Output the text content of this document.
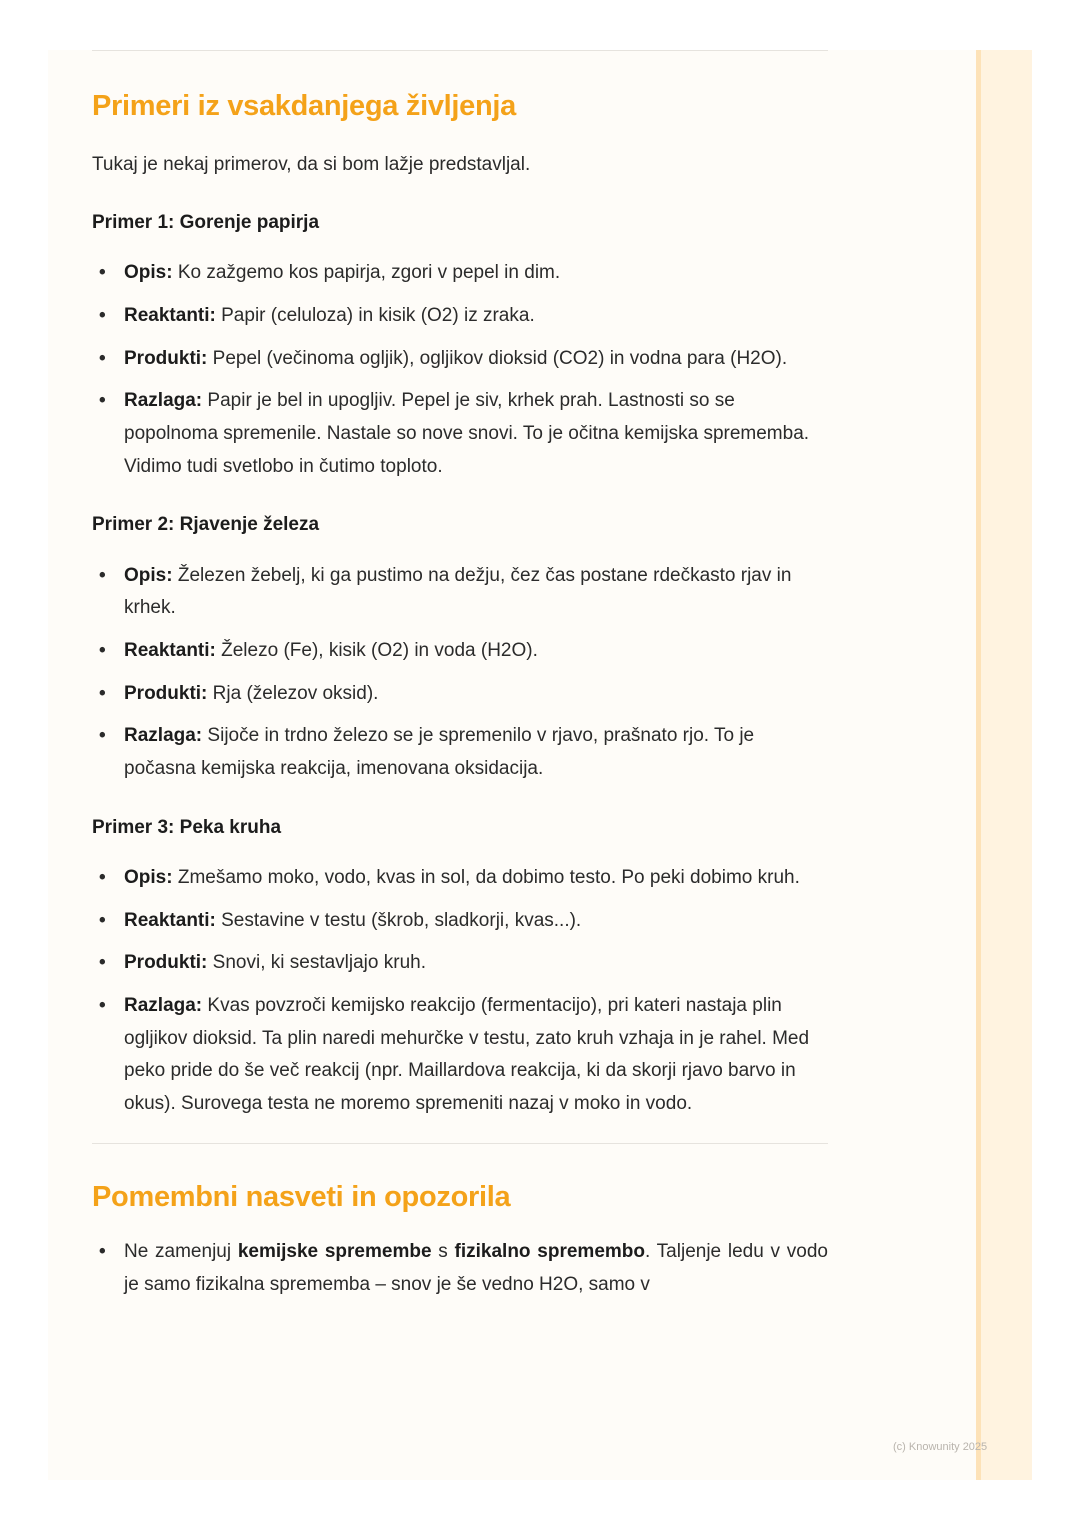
Primeri iz vsakdanjega življenja

Tukaj je nekaj primerov, da si bom lažje predstavljal.

Primer 1: Gorenje papirja

• Opis: Ko zažgemo kos papirja, zgori v pepel in dim.
• Reaktanti: Papir (celuloza) in kisik (O2) iz zraka.
• Produkti: Pepel (večinoma ogljik), ogljikov dioksid (CO2) in vodna para (H2O).
• Razlaga: Papir je bel in upogljiv. Pepel je siv, krhek prah. Lastnosti so se popolnoma spremenile. Nastale so nove snovi. To je očitna kemijska sprememba. Vidimo tudi svetlobo in čutimo toploto.

Primer 2: Rjavenje železa

• Opis: Železen žebelj, ki ga pustimo na dežju, čez čas postane rdečkasto rjav in krhek.
• Reaktanti: Železo (Fe), kisik (O2) in voda (H2O).
• Produkti: Rja (železov oksid).
• Razlaga: Sijoče in trdno železo se je spremenilo v rjavo, prašnato rjo. To je počasna kemijska reakcija, imenovana oksidacija.

Primer 3: Peka kruha

• Opis: Zmešamo moko, vodo, kvas in sol, da dobimo testo. Po peki dobimo kruh.
• Reaktanti: Sestavine v testu (škrob, sladkorji, kvas...).
• Produkti: Snovi, ki sestavljajo kruh.
• Razlaga: Kvas povzroči kemijsko reakcijo (fermentacijo), pri kateri nastaja plin ogljikov dioksid. Ta plin naredi mehurčke v testu, zato kruh vzhaja in je rahel. Med peko pride do še več reakcij (npr. Maillardova reakcija, ki da skorji rjavo barvo in okus). Surovega testa ne moremo spremeniti nazaj v moko in vodo.
Pomembni nasveti in opozorila
• Ne zamenjuj kemijske spremembe s fizikalno spremembo. Taljenje ledu v vodo je samo fizikalna sprememba – snov je še vedno H2O, samo v
(c) Knowunity 2025
